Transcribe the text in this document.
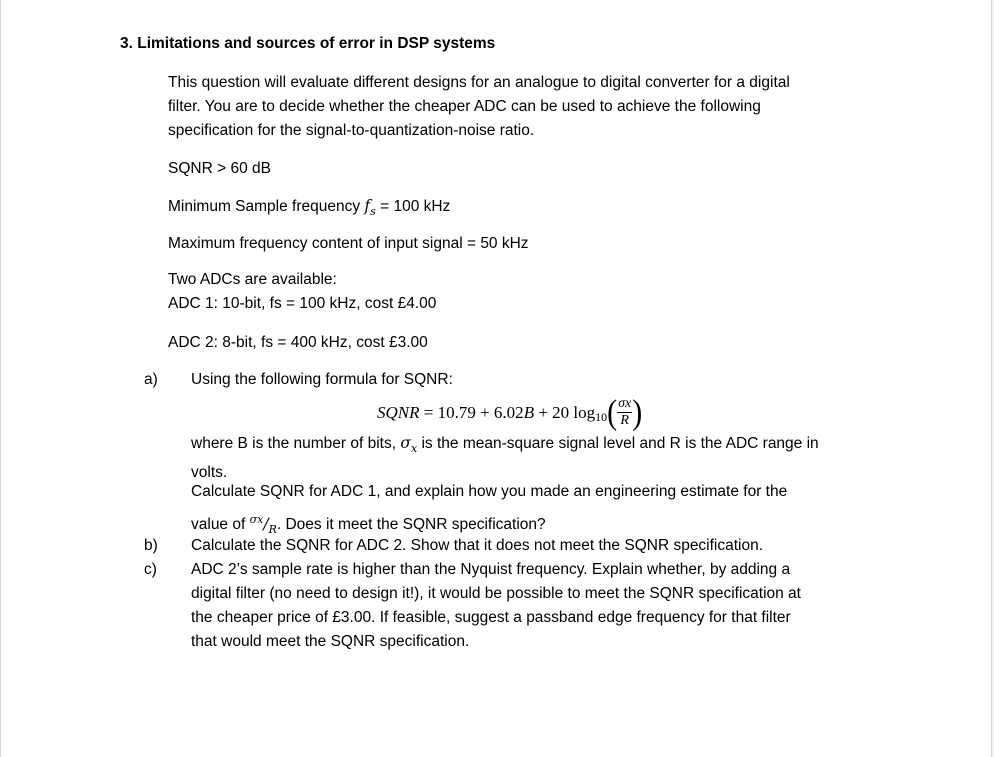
3. Limitations and sources of error in DSP systems
This question will evaluate different designs for an analogue to digital converter for a digital
filter. You are to decide whether the cheaper ADC can be used to achieve the following
specification for the signal-to-quantization-noise ratio.
SQNR > 60 dB
Minimum Sample frequency $f_s = 100$ kHz
Maximum frequency content of input signal = 50 kHz
Two ADCs are available:
ADC 1: 10-bit, fs = 100 kHz, cost £4.00
ADC 2: 8-bit, fs = 400 kHz, cost £3.00
a) Using the following formula for SQNR:
SQNR = 10.79 + 6.02 B + 20 log 10 ( $\frac{\sigma x}{R}$ )
where B is the number of bits, $\sigma_x$ is the mean-square signal level and R is the ADC range in
volts.
Calculate SQNR for ADC 1, and explain how you made an engineering estimate for the
value of $^{\sigma x}/_R$. Does it meet the SQNR specification?
b) Calculate the SQNR for ADC 2. Show that it does not meet the SQNR specification.
c) ADC 2’s sample rate is higher than the Nyquist frequency. Explain whether, by adding a
digital filter (no need to design it!), it would be possible to meet the SQNR specification at
the cheaper price of £3.00. If feasible, suggest a passband edge frequency for that filter
that would meet the SQNR specification.
